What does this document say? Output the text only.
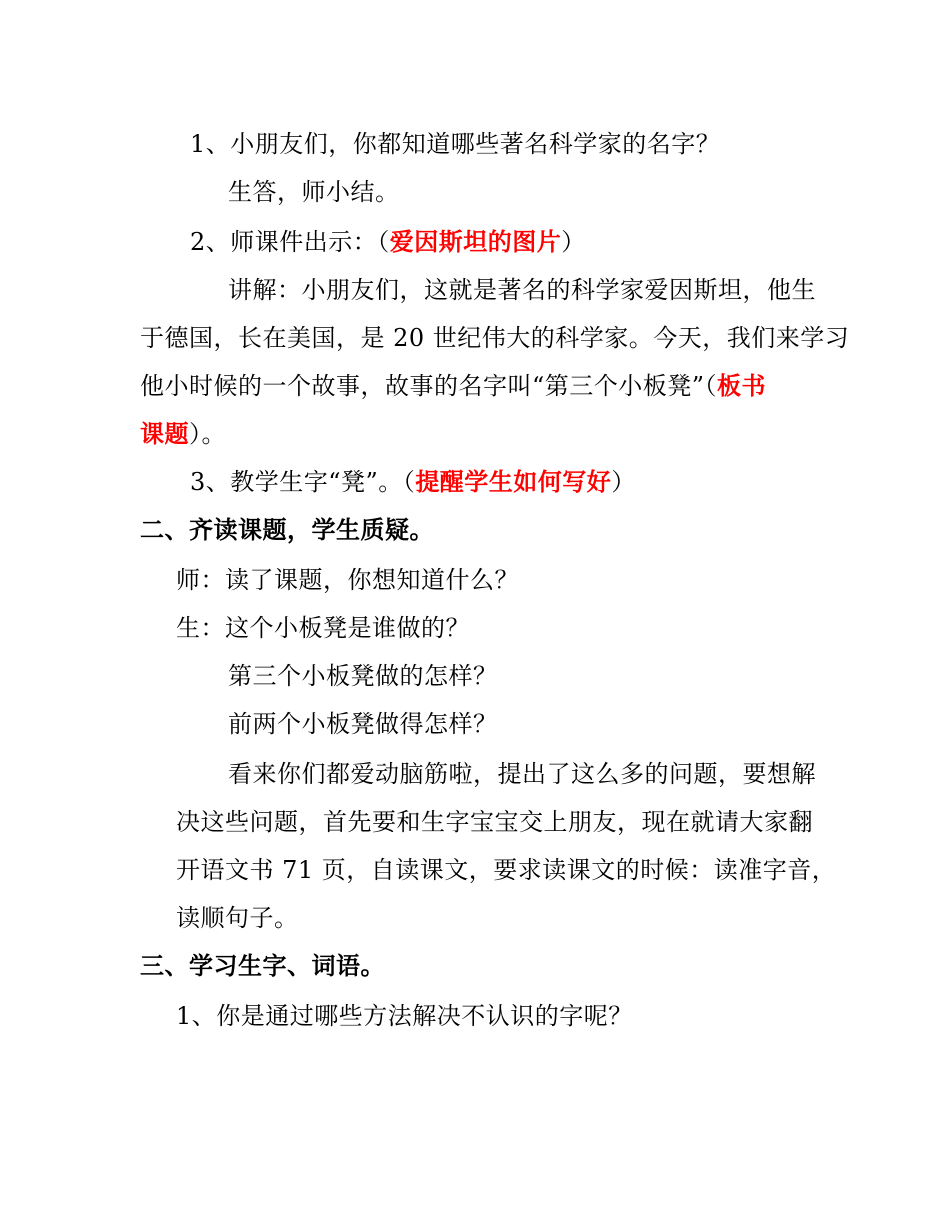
1、小朋友们，你都知道哪些著名科学家的名字？
生答，师小结。
2、师课件出示：（爱因斯坦的图片）
讲解：小朋友们，这就是著名的科学家爱因斯坦，他生
于德国，长在美国，是 20 世纪伟大的科学家。今天，我们来学习
他小时候的一个故事，故事的名字叫“第三个小板凳”（板书
课题）。
3、教学生字“凳”。（提醒学生如何写好）
二、齐读课题，学生质疑。
师：读了课题，你想知道什么？
生：这个小板凳是谁做的？
第三个小板凳做的怎样？
前两个小板凳做得怎样？
看来你们都爱动脑筋啦，提出了这么多的问题，要想解
决这些问题，首先要和生字宝宝交上朋友，现在就请大家翻
开语文书 71 页，自读课文，要求读课文的时候：读准字音，
读顺句子。
三、学习生字、词语。
1、你是通过哪些方法解决不认识的字呢？
